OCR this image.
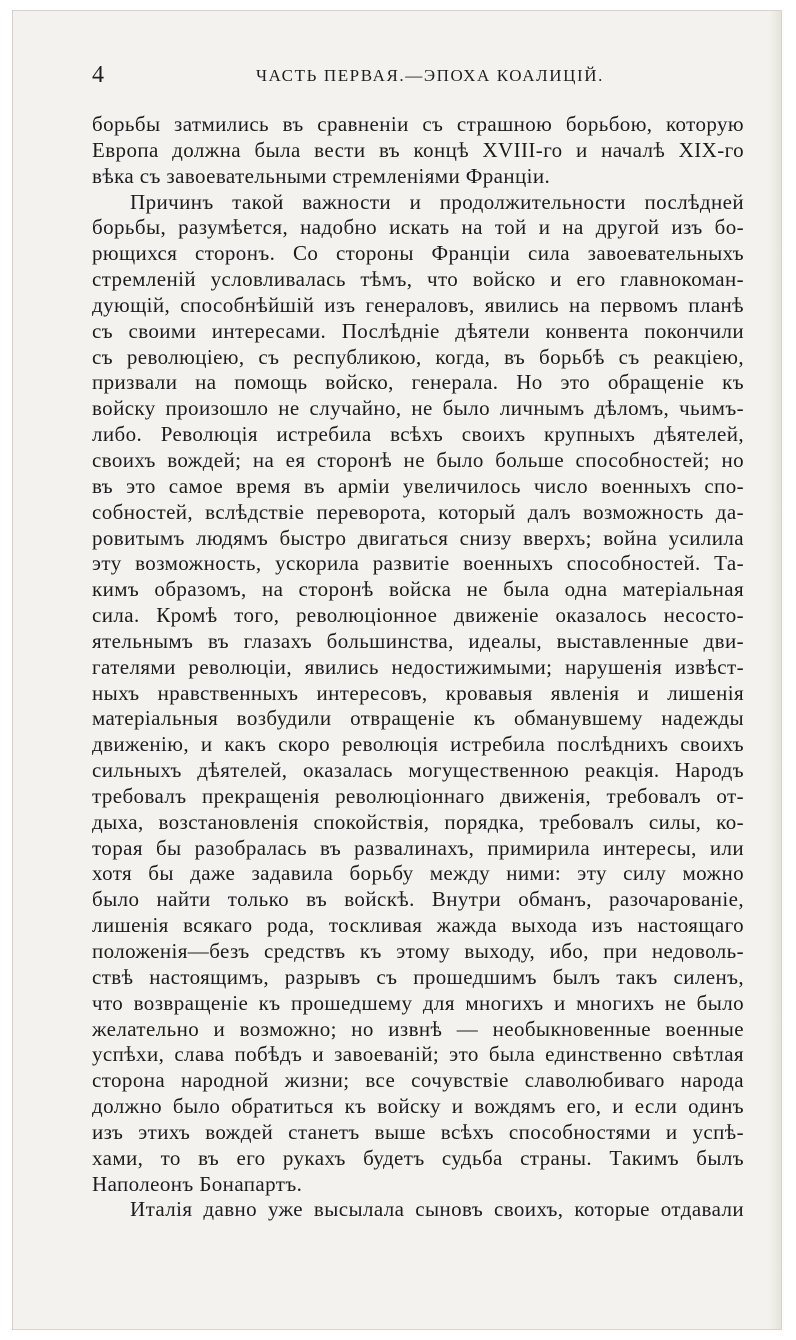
4	ЧАСТЬ ПЕРВАЯ.—ЭПОХА КОАЛИЦІЙ.
борьбы затмились въ сравненіи съ страшною борьбою, которую
Европа должна была вести въ концѣ XVIII-го и началѣ XIX-го
вѣка съ завоевательными стремленіями Франціи.
Причинъ такой важности и продолжительности послѣдней
борьбы, разумѣется, надобно искать на той и на другой изъ бо-
рющихся сторонъ. Со стороны Франціи сила завоевательныхъ
стремленій условливалась тѣмъ, что войско и его главнокоман-
дующій, способнѣйшій изъ генераловъ, явились на первомъ планѣ
съ своими интересами. Послѣдніе дѣятели конвента покончили
съ революціею, съ республикою, когда, въ борьбѣ съ реакціею,
призвали на помощь войско, генерала. Но это обращеніе къ
войску произошло не случайно, не было личнымъ дѣломъ, чьимъ-
либо. Революція истребила всѣхъ своихъ крупныхъ дѣятелей,
своихъ вождей; на ея сторонѣ не было больше способностей; но
въ это самое время въ арміи увеличилось число военныхъ спо-
собностей, вслѣдствіе переворота, который далъ возможность да-
ровитымъ людямъ быстро двигаться снизу вверхъ; война усилила
эту возможность, ускорила развитіе военныхъ способностей. Та-
кимъ образомъ, на сторонѣ войска не была одна матеріальная
сила. Кромѣ того, революціонное движеніе оказалось несосто-
ятельнымъ въ глазахъ большинства, идеалы, выставленные дви-
гателями революціи, явились недостижимыми; нарушенія извѣст-
ныхъ нравственныхъ интересовъ, кровавыя явленія и лишенія
матеріальныя возбудили отвращеніе къ обманувшему надежды
движенію, и какъ скоро революція истребила послѣднихъ своихъ
сильныхъ дѣятелей, оказалась могущественною реакція. Народъ
требовалъ прекращенія революціоннаго движенія, требовалъ от-
дыха, возстановленія спокойствія, порядка, требовалъ силы, ко-
торая бы разобралась въ развалинахъ, примирила интересы, или
хотя бы даже задавила борьбу между ними: эту силу можно
было найти только въ войскѣ. Внутри обманъ, разочарованіе,
лишенія всякаго рода, тоскливая жажда выхода изъ настоящаго
положенія—безъ средствъ къ этому выходу, ибо, при недоволь-
ствѣ настоящимъ, разрывъ съ прошедшимъ былъ такъ силенъ,
что возвращеніе къ прошедшему для многихъ и многихъ не было
желательно и возможно; но извнѣ — необыкновенные военные
успѣхи, слава побѣдъ и завоеваній; это была единственно свѣтлая
сторона народной жизни; все сочувствіе славолюбиваго народа
должно было обратиться къ войску и вождямъ его, и если одинъ
изъ этихъ вождей станетъ выше всѣхъ способностями и успѣ-
хами, то въ его рукахъ будетъ судьба страны. Такимъ былъ
Наполеонъ Бонапартъ.
Италія давно уже высылала сыновъ своихъ, которые отдавали
